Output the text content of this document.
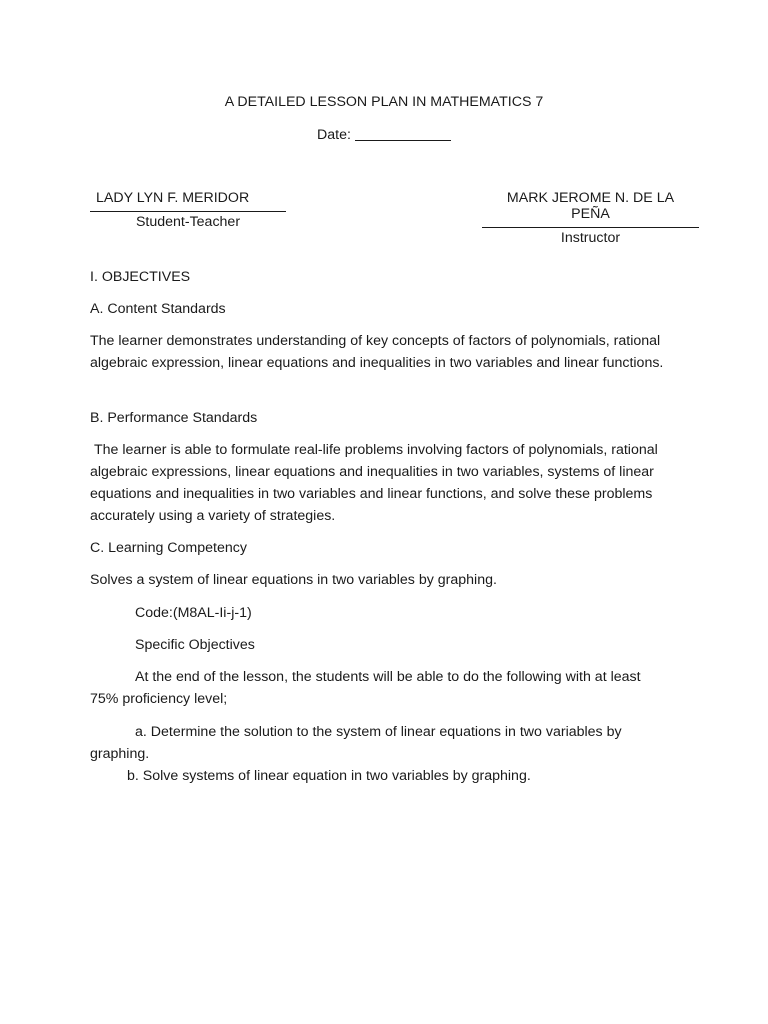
A DETAILED LESSON PLAN IN MATHEMATICS 7
Date:
LADY LYN F. MERIDOR
Student-Teacher
MARK JEROME N. DE LA PEÑA
Instructor
I. OBJECTIVES
A. Content Standards
The learner demonstrates understanding of key concepts of factors of polynomials, rational algebraic expression, linear equations and inequalities in two variables and linear functions.
B. Performance Standards
The learner is able to formulate real-life problems involving factors of polynomials, rational algebraic expressions, linear equations and inequalities in two variables, systems of linear equations and inequalities in two variables and linear functions, and solve these problems accurately using a variety of strategies.
C. Learning Competency
Solves a system of linear equations in two variables by graphing.
Code:(M8AL-Ii-j-1)
Specific Objectives
At the end of the lesson, the students will be able to do the following with at least 75% proficiency level;
a. Determine the solution to the system of linear equations in two variables by graphing.
b. Solve systems of linear equation in two variables by graphing.
